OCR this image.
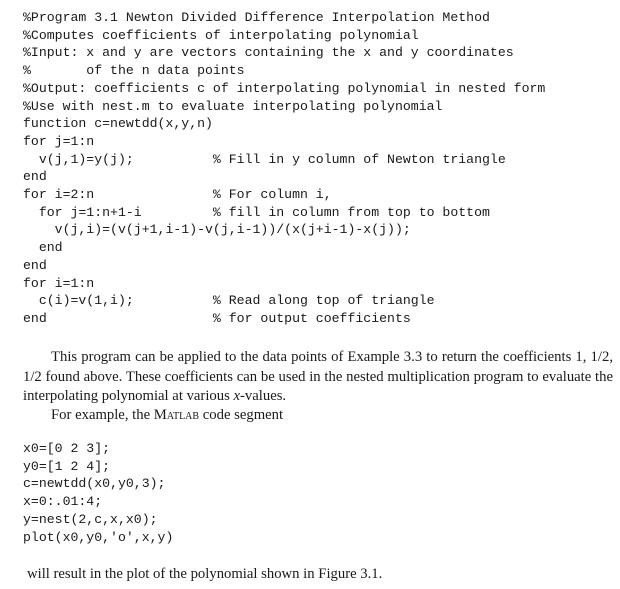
%Program 3.1 Newton Divided Difference Interpolation Method
%Computes coefficients of interpolating polynomial
%Input: x and y are vectors containing the x and y coordinates
%       of the n data points
%Output: coefficients c of interpolating polynomial in nested form
%Use with nest.m to evaluate interpolating polynomial
function c=newtdd(x,y,n)
for j=1:n
v(j,1)=y(j);          % Fill in y column of Newton triangle
end
for i=2:n               % For column i,
for j=1:n+1-i         % fill in column from top to bottom
v(j,i)=(v(j+1,i-1)-v(j,i-1))/(x(j+i-1)-x(j));
end
end
for i=1:n
c(i)=v(1,i);          % Read along top of triangle
end                     % for output coefficients

This program can be applied to the data points of Example 3.3 to return the coefficients 1, 1/2, 1/2 found above. These coefficients can be used in the nested multiplication program to evaluate the interpolating polynomial at various x-values.

For example, the Matlab code segment

x0=[0 2 3];
y0=[1 2 4];
c=newtdd(x0,y0,3);
x=0:.01:4;
y=nest(2,c,x,x0);
plot(x0,y0,'o',x,y)

will result in the plot of the polynomial shown in Figure 3.1.
